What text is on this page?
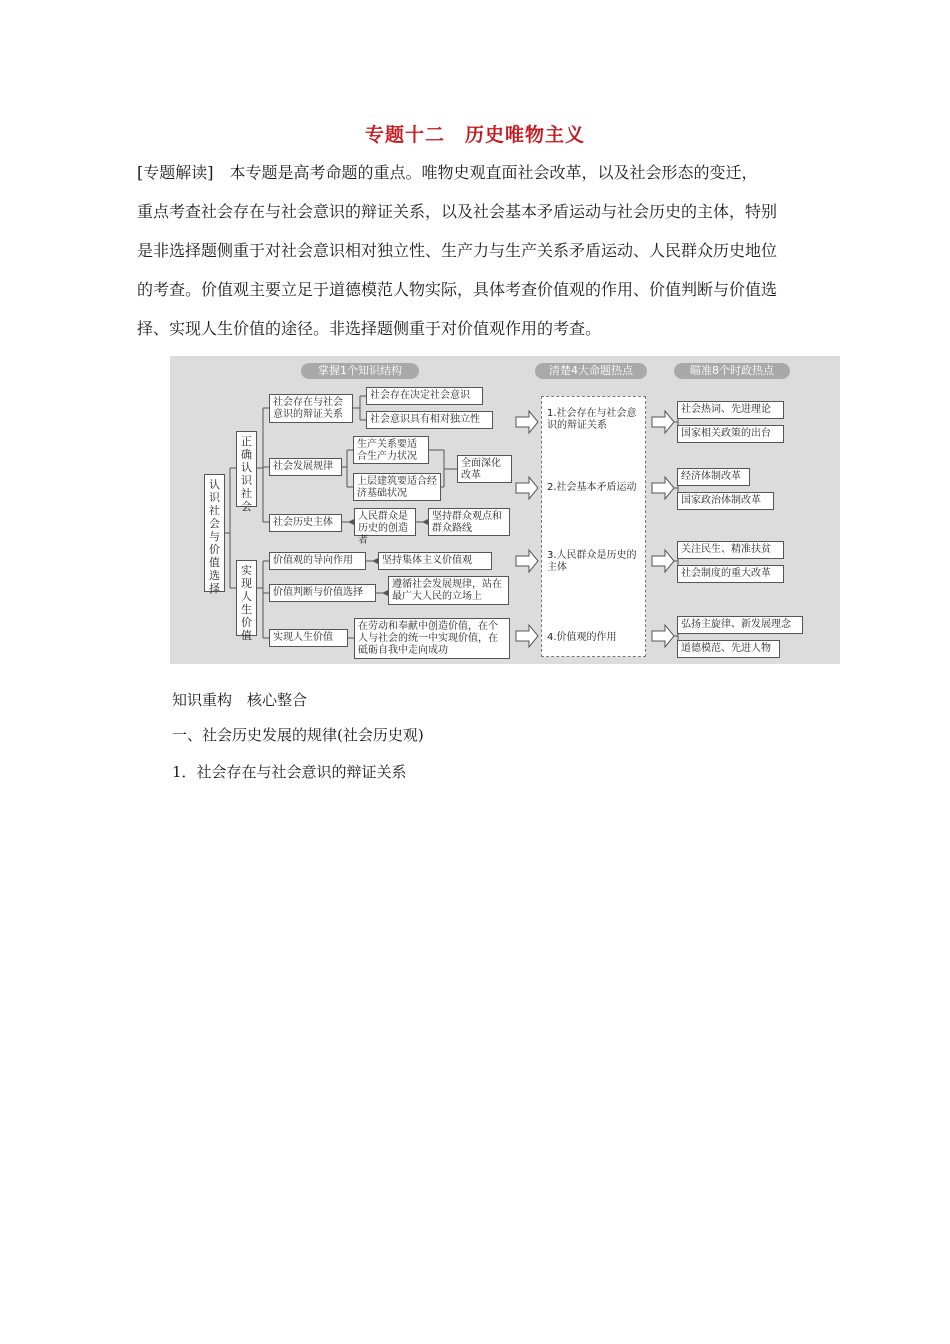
专题十二　历史唯物主义
[专题解读]　本专题是高考命题的重点。唯物史观直面社会改革，以及社会形态的变迁，
重点考查社会存在与社会意识的辩证关系，以及社会基本矛盾运动与社会历史的主体，特别
是非选择题侧重于对社会意识相对独立性、生产力与生产关系矛盾运动、人民群众历史地位
的考查。价值观主要立足于道德模范人物实际，具体考查价值观的作用、价值判断与价值选
择、实现人生价值的途径。非选择题侧重于对价值观作用的考查。
掌握1个知识结构	清楚4大命题热点	瞄准8个时政热点
认识社会与价值选择
正确认识社会
实现人生价值
社会存在与社会意识的辩证关系
社会存在决定社会意识
社会意识具有相对独立性
社会发展规律
生产关系要适合生产力状况
上层建筑要适合经济基础状况
全面深化改革
社会历史主体
人民群众是历史的创造者
坚持群众观点和群众路线
价值观的导向作用	坚持集体主义价值观
价值判断与价值选择
遵循社会发展规律，站在最广大人民的立场上
实现人生价值
在劳动和奉献中创造价值，在个人与社会的统一中实现价值，在砥砺自我中走向成功
1.社会存在与社会意识的辩证关系
2.社会基本矛盾运动
3.人民群众是历史的主体
4.价值观的作用
社会热词、先进理论
国家相关政策的出台
经济体制改革
国家政治体制改革
关注民生、精准扶贫
社会制度的重大改革
弘扬主旋律、新发展理念
道德模范、先进人物
知识重构　核心整合
一、社会历史发展的规律(社会历史观)
1．社会存在与社会意识的辩证关系
